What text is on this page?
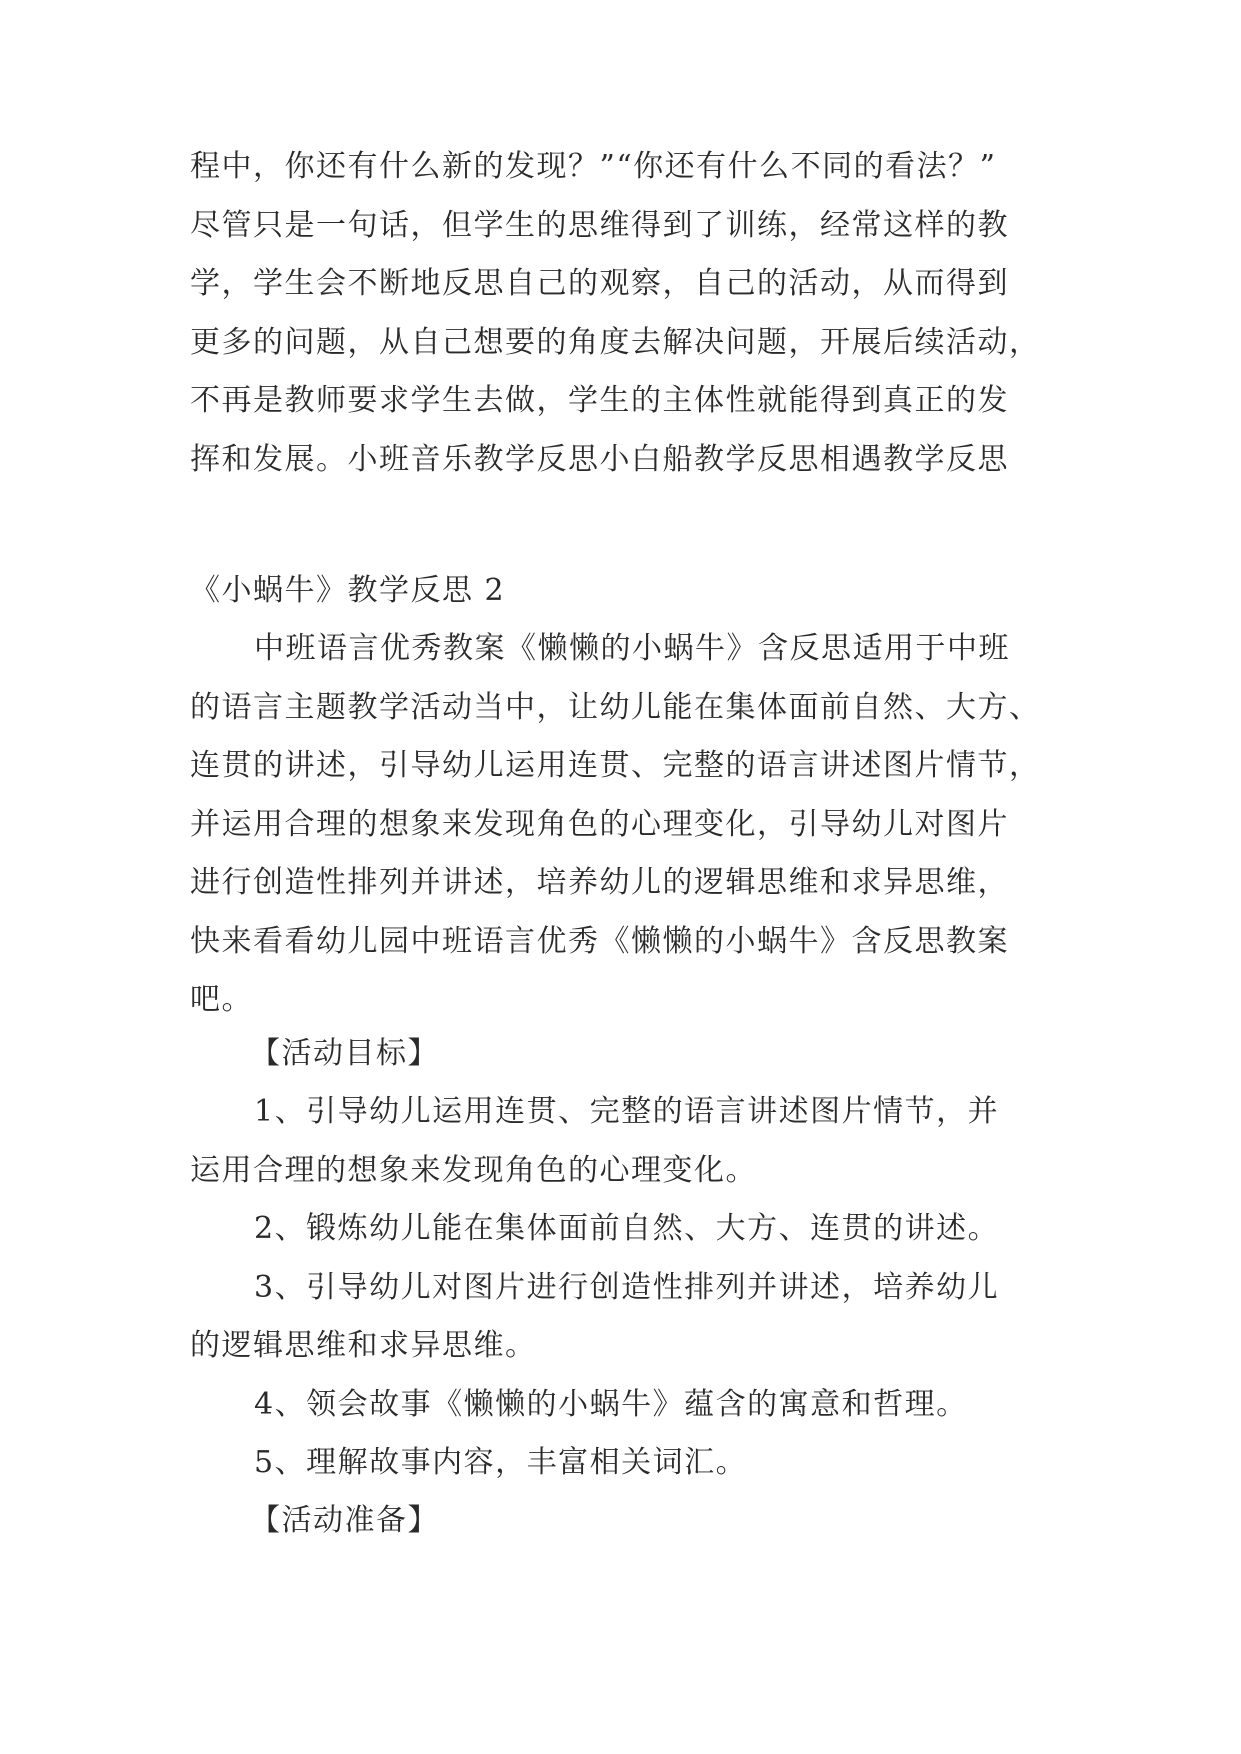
程中，你还有什么新的发现？”“你还有什么不同的看法？”
尽管只是一句话，但学生的思维得到了训练，经常这样的教
学，学生会不断地反思自己的观察，自己的活动，从而得到
更多的问题，从自己想要的角度去解决问题，开展后续活动，
不再是教师要求学生去做，学生的主体性就能得到真正的发
挥和发展。小班音乐教学反思小白船教学反思相遇教学反思
《小蜗牛》教学反思 2
中班语言优秀教案《懒懒的小蜗牛》含反思适用于中班
的语言主题教学活动当中，让幼儿能在集体面前自然、大方、
连贯的讲述，引导幼儿运用连贯、完整的语言讲述图片情节，
并运用合理的想象来发现角色的心理变化，引导幼儿对图片
进行创造性排列并讲述，培养幼儿的逻辑思维和求异思维，
快来看看幼儿园中班语言优秀《懒懒的小蜗牛》含反思教案
吧。
【活动目标】
1、引导幼儿运用连贯、完整的语言讲述图片情节，并
运用合理的想象来发现角色的心理变化。
2、锻炼幼儿能在集体面前自然、大方、连贯的讲述。
3、引导幼儿对图片进行创造性排列并讲述，培养幼儿
的逻辑思维和求异思维。
4、领会故事《懒懒的小蜗牛》蕴含的寓意和哲理。
5、理解故事内容，丰富相关词汇。
【活动准备】
